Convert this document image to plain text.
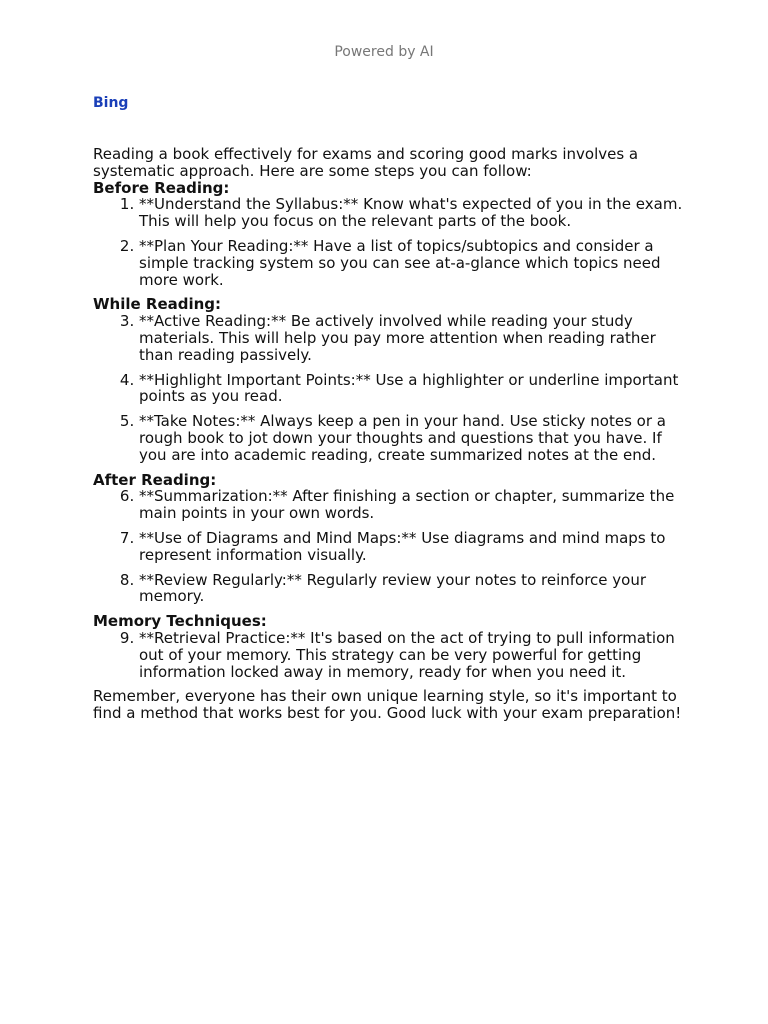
Powered by AI
Bing

Reading a book effectively for exams and scoring good marks involves a systematic approach. Here are some steps you can follow:

Before Reading:

1. **Understand the Syllabus:** Know what's expected of you in the exam. This will help you focus on the relevant parts of the book.
2. **Plan Your Reading:** Have a list of topics/subtopics and consider a simple tracking system so you can see at-a-glance which topics need more work.

While Reading:

3. **Active Reading:** Be actively involved while reading your study materials. This will help you pay more attention when reading rather than reading passively.
4. **Highlight Important Points:** Use a highlighter or underline important points as you read.
5. **Take Notes:** Always keep a pen in your hand. Use sticky notes or a rough book to jot down your thoughts and questions that you have. If you are into academic reading, create summarized notes at the end.

After Reading:

6. **Summarization:** After finishing a section or chapter, summarize the main points in your own words.
7. **Use of Diagrams and Mind Maps:** Use diagrams and mind maps to represent information visually.
8. **Review Regularly:** Regularly review your notes to reinforce your memory.

Memory Techniques:

9. **Retrieval Practice:** It's based on the act of trying to pull information out of your memory. This strategy can be very powerful for getting information locked away in memory, ready for when you need it.

Remember, everyone has their own unique learning style, so it's important to find a method that works best for you. Good luck with your exam preparation!
